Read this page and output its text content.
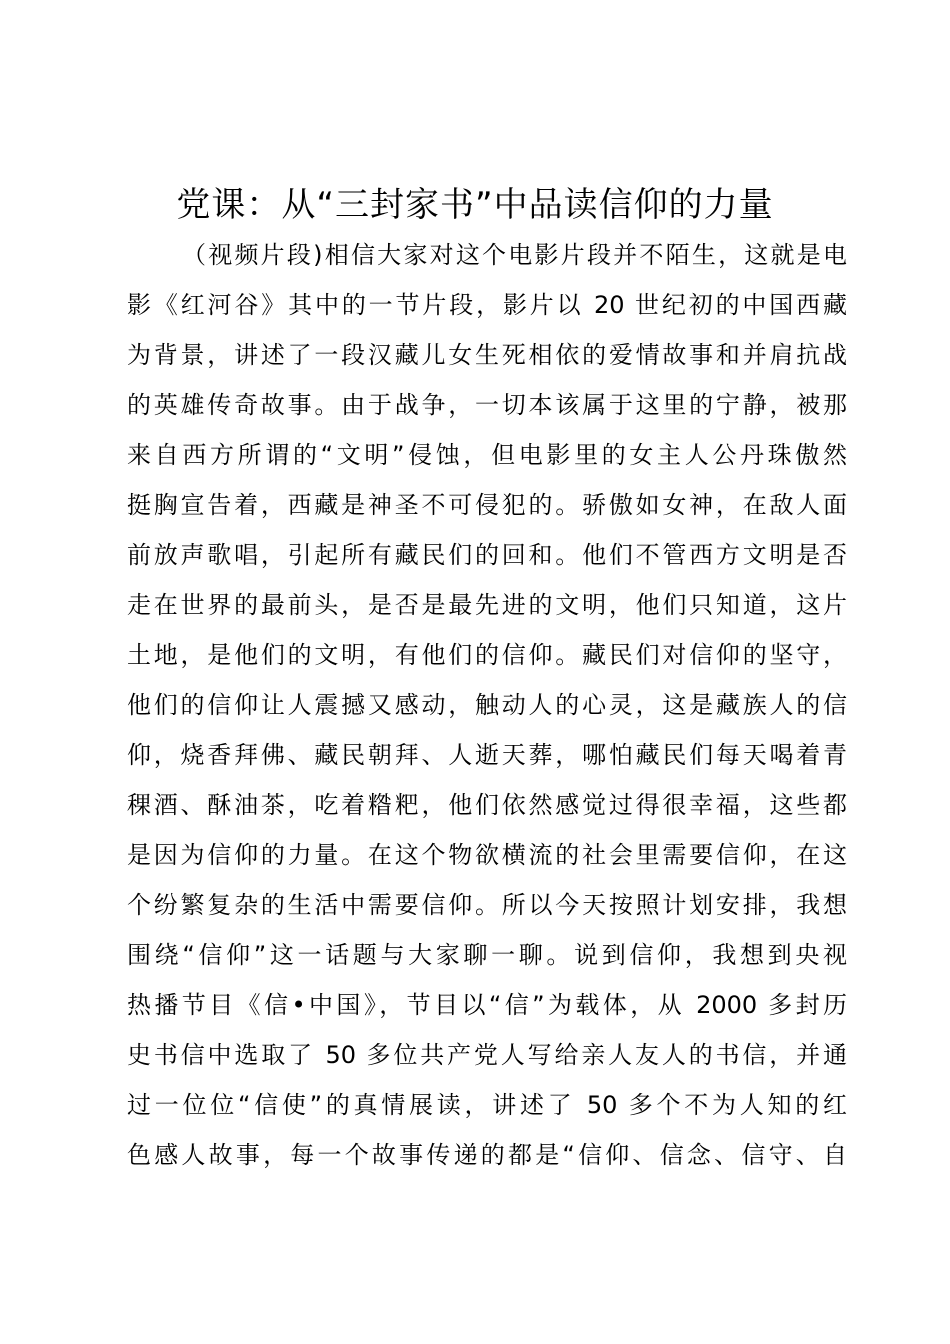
党课：从“三封家书”中品读信仰的力量
（视频片段)相信大家对这个电影片段并不陌生，这就是电
影《红河谷》其中的一节片段，影片以 20 世纪初的中国西藏
为背景，讲述了一段汉藏儿女生死相依的爱情故事和并肩抗战
的英雄传奇故事。由于战争，一切本该属于这里的宁静，被那
来自西方所谓的“文明”侵蚀，但电影里的女主人公丹珠傲然
挺胸宣告着，西藏是神圣不可侵犯的。骄傲如女神，在敌人面
前放声歌唱，引起所有藏民们的回和。他们不管西方文明是否
走在世界的最前头，是否是最先进的文明，他们只知道，这片
土地，是他们的文明，有他们的信仰。藏民们对信仰的坚守，
他们的信仰让人震撼又感动，触动人的心灵，这是藏族人的信
仰，烧香拜佛、藏民朝拜、人逝天葬，哪怕藏民们每天喝着青
稞酒、酥油茶，吃着糌粑，他们依然感觉过得很幸福，这些都
是因为信仰的力量。在这个物欲横流的社会里需要信仰，在这
个纷繁复杂的生活中需要信仰。所以今天按照计划安排，我想
围绕“信仰”这一话题与大家聊一聊。说到信仰，我想到央视
热播节目《信•中国》，节目以“信”为载体，从 2000 多封历
史书信中选取了 50 多位共产党人写给亲人友人的书信，并通
过一位位“信使”的真情展读，讲述了 50 多个不为人知的红
色感人故事，每一个故事传递的都是“信仰、信念、信守、自
